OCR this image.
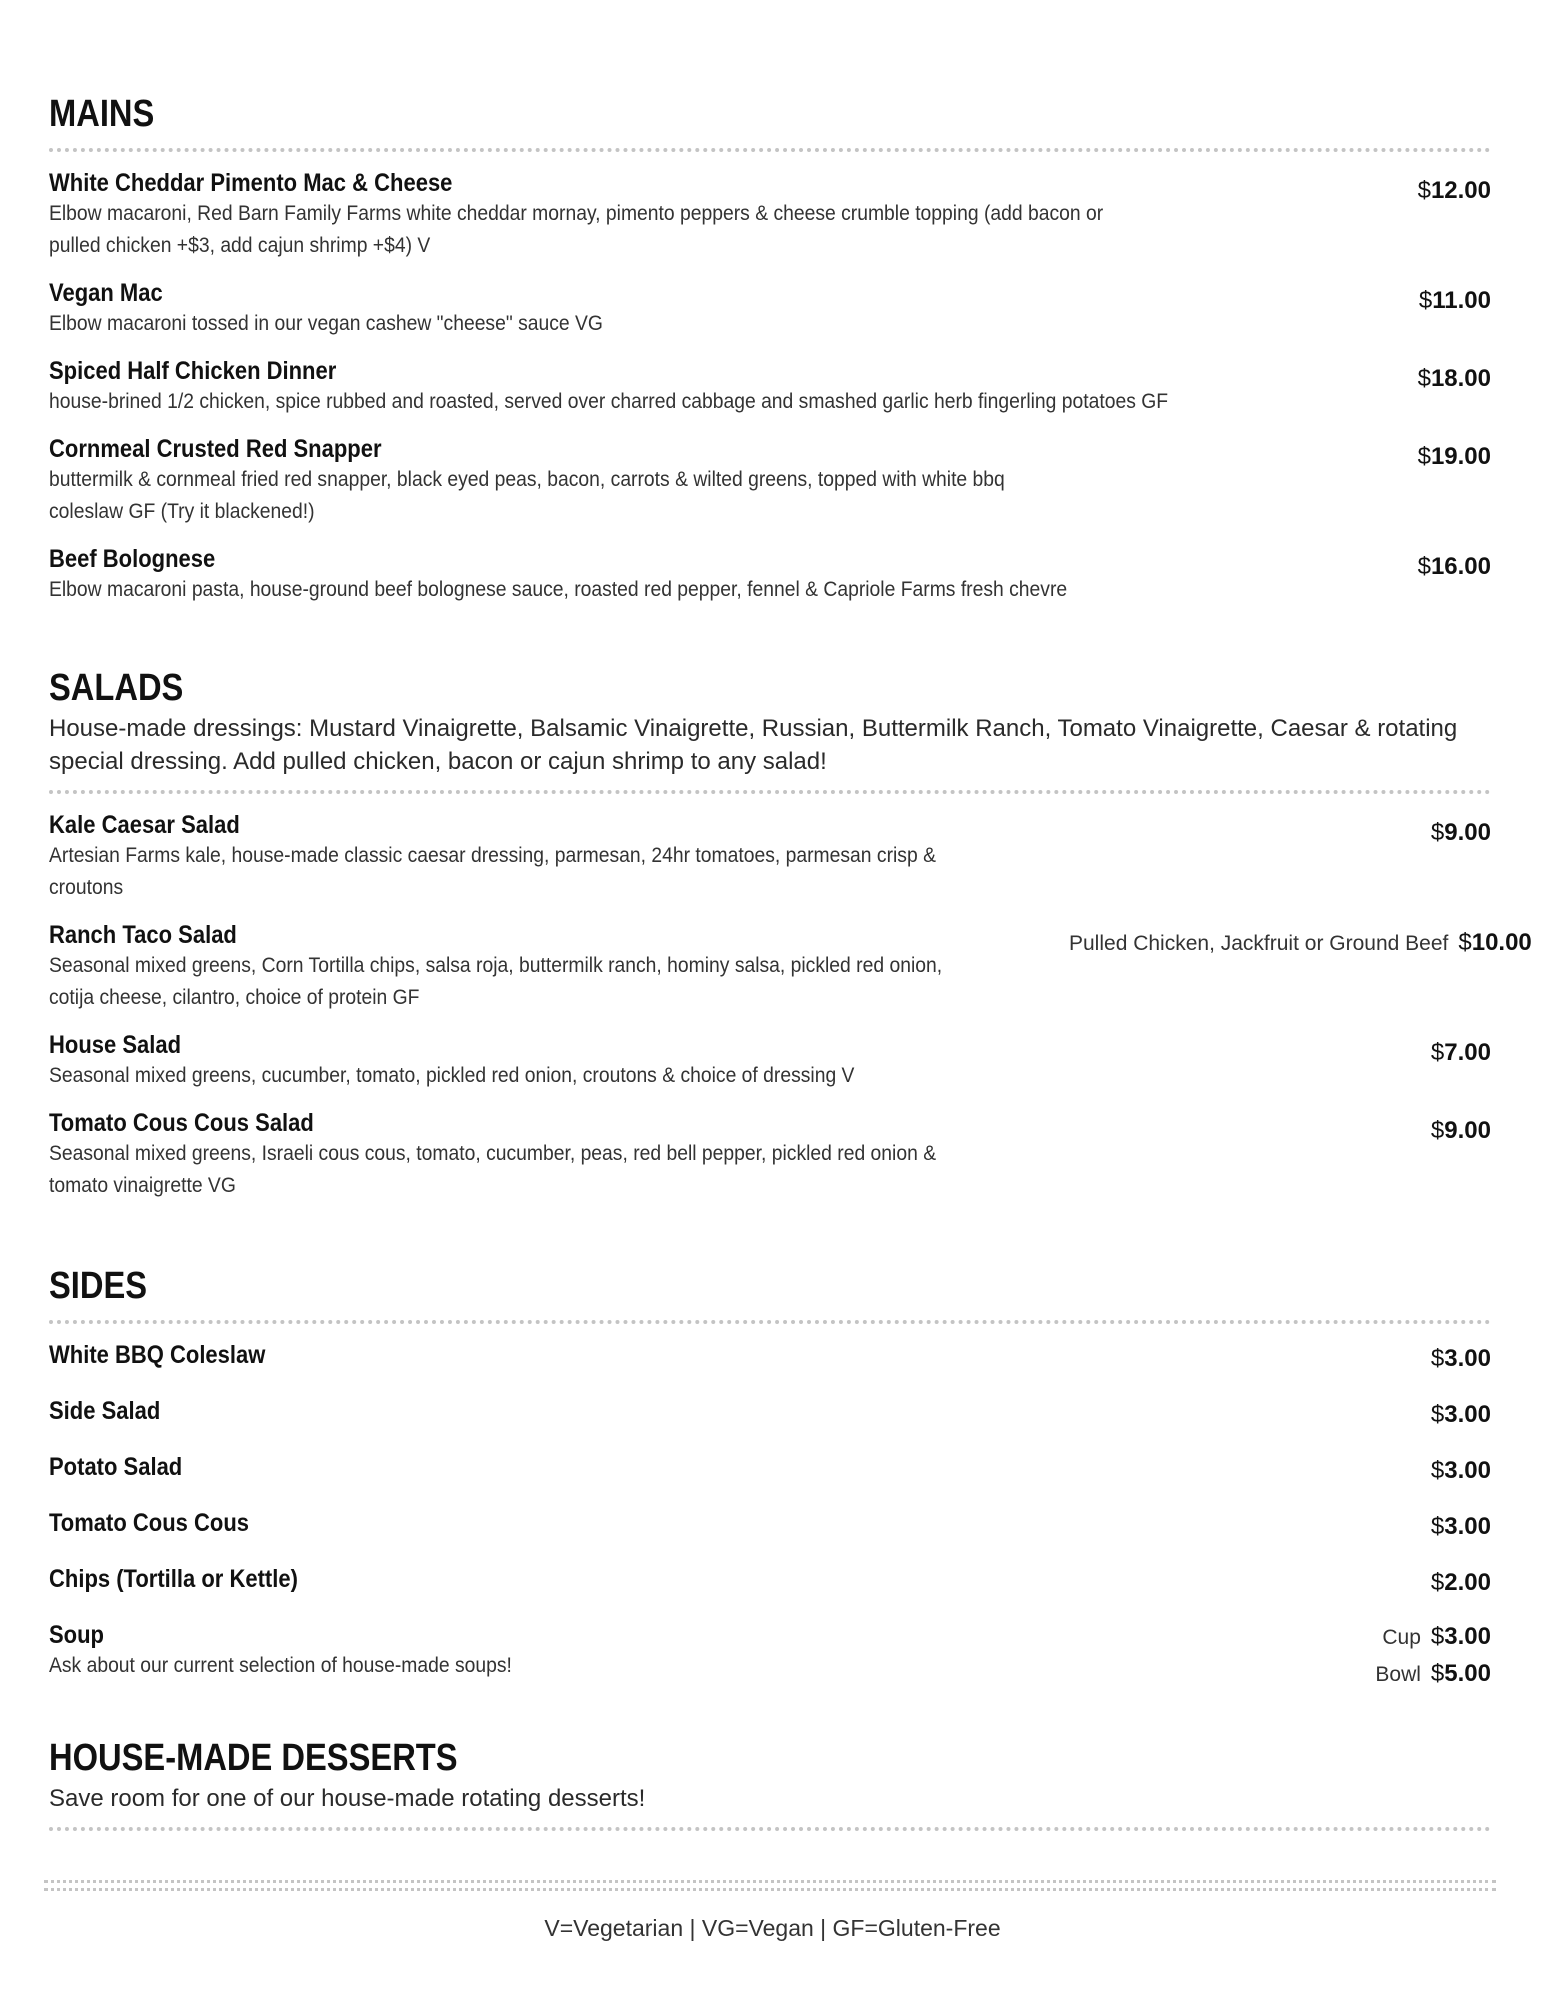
MAINS
White Cheddar Pimento Mac & Cheese
Elbow macaroni, Red Barn Family Farms white cheddar mornay, pimento peppers & cheese crumble topping (add bacon or pulled chicken +$3, add cajun shrimp +$4) V
$12.00
Vegan Mac
Elbow macaroni tossed in our vegan cashew "cheese" sauce VG
$11.00
Spiced Half Chicken Dinner
house-brined 1/2 chicken, spice rubbed and roasted, served over charred cabbage and smashed garlic herb fingerling potatoes GF
$18.00
Cornmeal Crusted Red Snapper
buttermilk & cornmeal fried red snapper, black eyed peas, bacon, carrots & wilted greens, topped with white bbq coleslaw GF (Try it blackened!)
$19.00
Beef Bolognese
Elbow macaroni pasta, house-ground beef bolognese sauce, roasted red pepper, fennel & Capriole Farms fresh chevre
$16.00
SALADS
House-made dressings: Mustard Vinaigrette, Balsamic Vinaigrette, Russian, Buttermilk Ranch, Tomato Vinaigrette, Caesar & rotating special dressing. Add pulled chicken, bacon or cajun shrimp to any salad!
Kale Caesar Salad
Artesian Farms kale, house-made classic caesar dressing, parmesan, 24hr tomatoes, parmesan crisp & croutons
$9.00
Ranch Taco Salad
Seasonal mixed greens, Corn Tortilla chips, salsa roja, buttermilk ranch, hominy salsa, pickled red onion, cotija cheese, cilantro, choice of protein GF
Pulled Chicken, Jackfruit or Ground Beef $10.00
House Salad
Seasonal mixed greens, cucumber, tomato, pickled red onion, croutons & choice of dressing V
$7.00
Tomato Cous Cous Salad
Seasonal mixed greens, Israeli cous cous, tomato, cucumber, peas, red bell pepper, pickled red onion & tomato vinaigrette VG
$9.00
SIDES
White BBQ Coleslaw	$3.00
Side Salad	$3.00
Potato Salad	$3.00
Tomato Cous Cous	$3.00
Chips (Tortilla or Kettle)	$2.00
Soup
Ask about our current selection of house-made soups!
Cup $3.00
Bowl $5.00
HOUSE-MADE DESSERTS
Save room for one of our house-made rotating desserts!
V=Vegetarian | VG=Vegan | GF=Gluten-Free
